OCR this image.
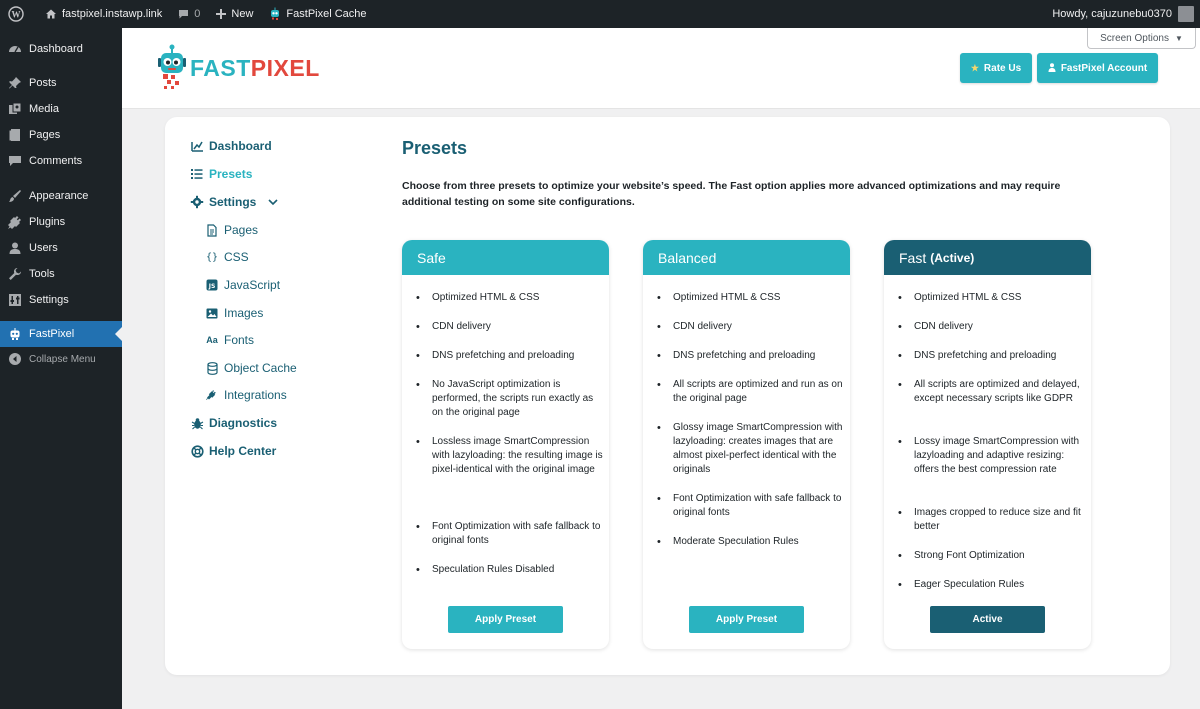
W	fastpixel.instawp.link	0	New	FastPixel Cache	Howdy, cajuzunebu0370
Dashboard
Posts
Media
Pages
Comments
Appearance
Plugins
Users
Tools
Settings
FastPixel
Collapse Menu
FASTPIXEL
Screen Options ▼
★ Rate Us	FastPixel Account
Dashboard
Presets
Settings
Pages
{} CSS
JS JavaScript
Images
Aa Fonts
Object Cache
Integrations
Diagnostics
Help Center
Presets
Choose from three presets to optimize your website’s speed. The Fast option applies more advanced optimizations and may require additional testing on some site configurations.
Safe
• Optimized HTML & CSS
• CDN delivery
• DNS prefetching and preloading
• No JavaScript optimization is performed, the scripts run exactly as on the original page
• Lossless image SmartCompression with lazyloading: the resulting image is pixel-identical with the original image
• Font Optimization with safe fallback to original fonts
• Speculation Rules Disabled
Apply Preset
Balanced
• Optimized HTML & CSS
• CDN delivery
• DNS prefetching and preloading
• All scripts are optimized and run as on the original page
• Glossy image SmartCompression with lazyloading: creates images that are almost pixel-perfect identical with the originals
• Font Optimization with safe fallback to original fonts
• Moderate Speculation Rules
Apply Preset
Fast (Active)
• Optimized HTML & CSS
• CDN delivery
• DNS prefetching and preloading
• All scripts are optimized and delayed, except necessary scripts like GDPR
• Lossy image SmartCompression with lazyloading and adaptive resizing: offers the best compression rate
• Images cropped to reduce size and fit better
• Strong Font Optimization
• Eager Speculation Rules
Active
